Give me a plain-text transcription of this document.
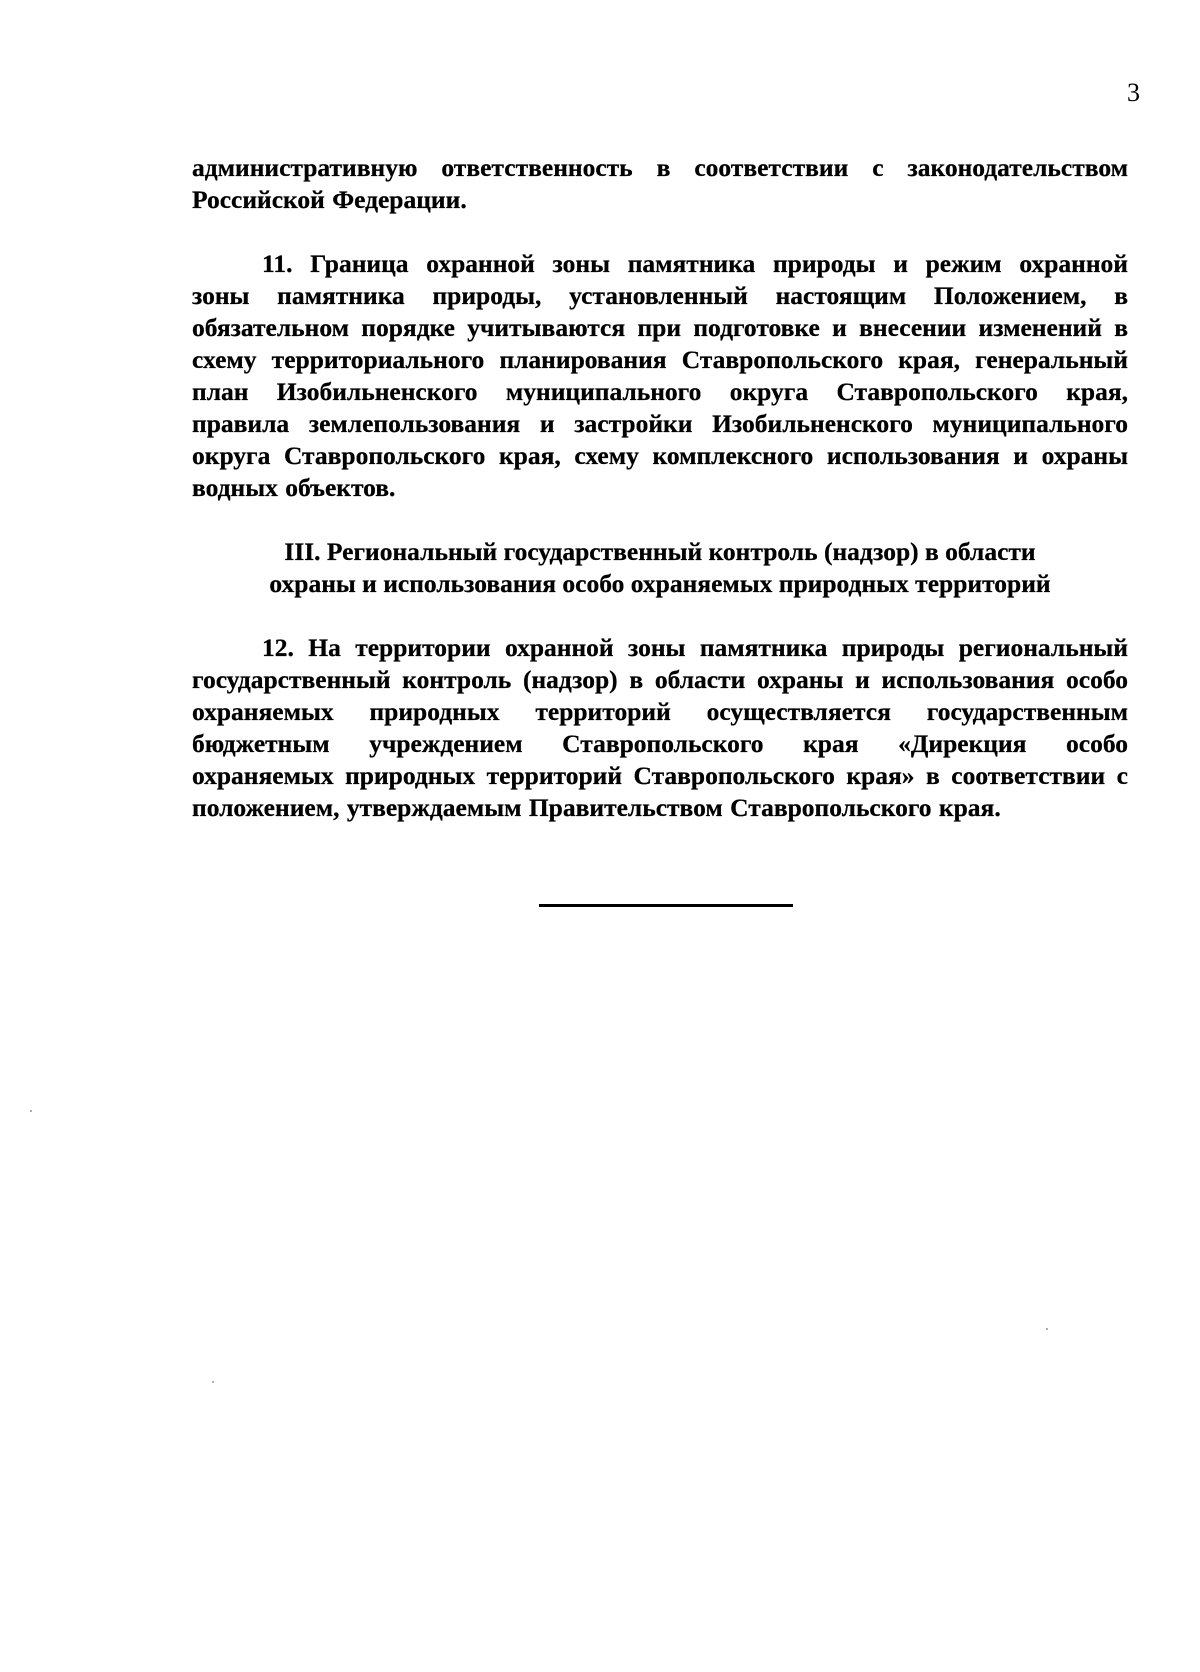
3
административную ответственность в соответствии с законодательством
Российской Федерации.
11. Граница охранной зоны памятника природы и режим охранной
зоны памятника природы, установленный настоящим Положением, в
обязательном порядке учитываются при подготовке и внесении изменений в
схему территориального планирования Ставропольского края, генеральный
план Изобильненского муниципального округа Ставропольского края,
правила землепользования и застройки Изобильненского муниципального
округа Ставропольского края, схему комплексного использования и охраны
водных объектов.
III. Региональный государственный контроль (надзор) в области
охраны и использования особо охраняемых природных территорий
12. На территории охранной зоны памятника природы региональный
государственный контроль (надзор) в области охраны и использования особо
охраняемых природных территорий осуществляется государственным
бюджетным учреждением Ставропольского края «Дирекция особо
охраняемых природных территорий Ставропольского края» в соответствии с
положением, утверждаемым Правительством Ставропольского края.
